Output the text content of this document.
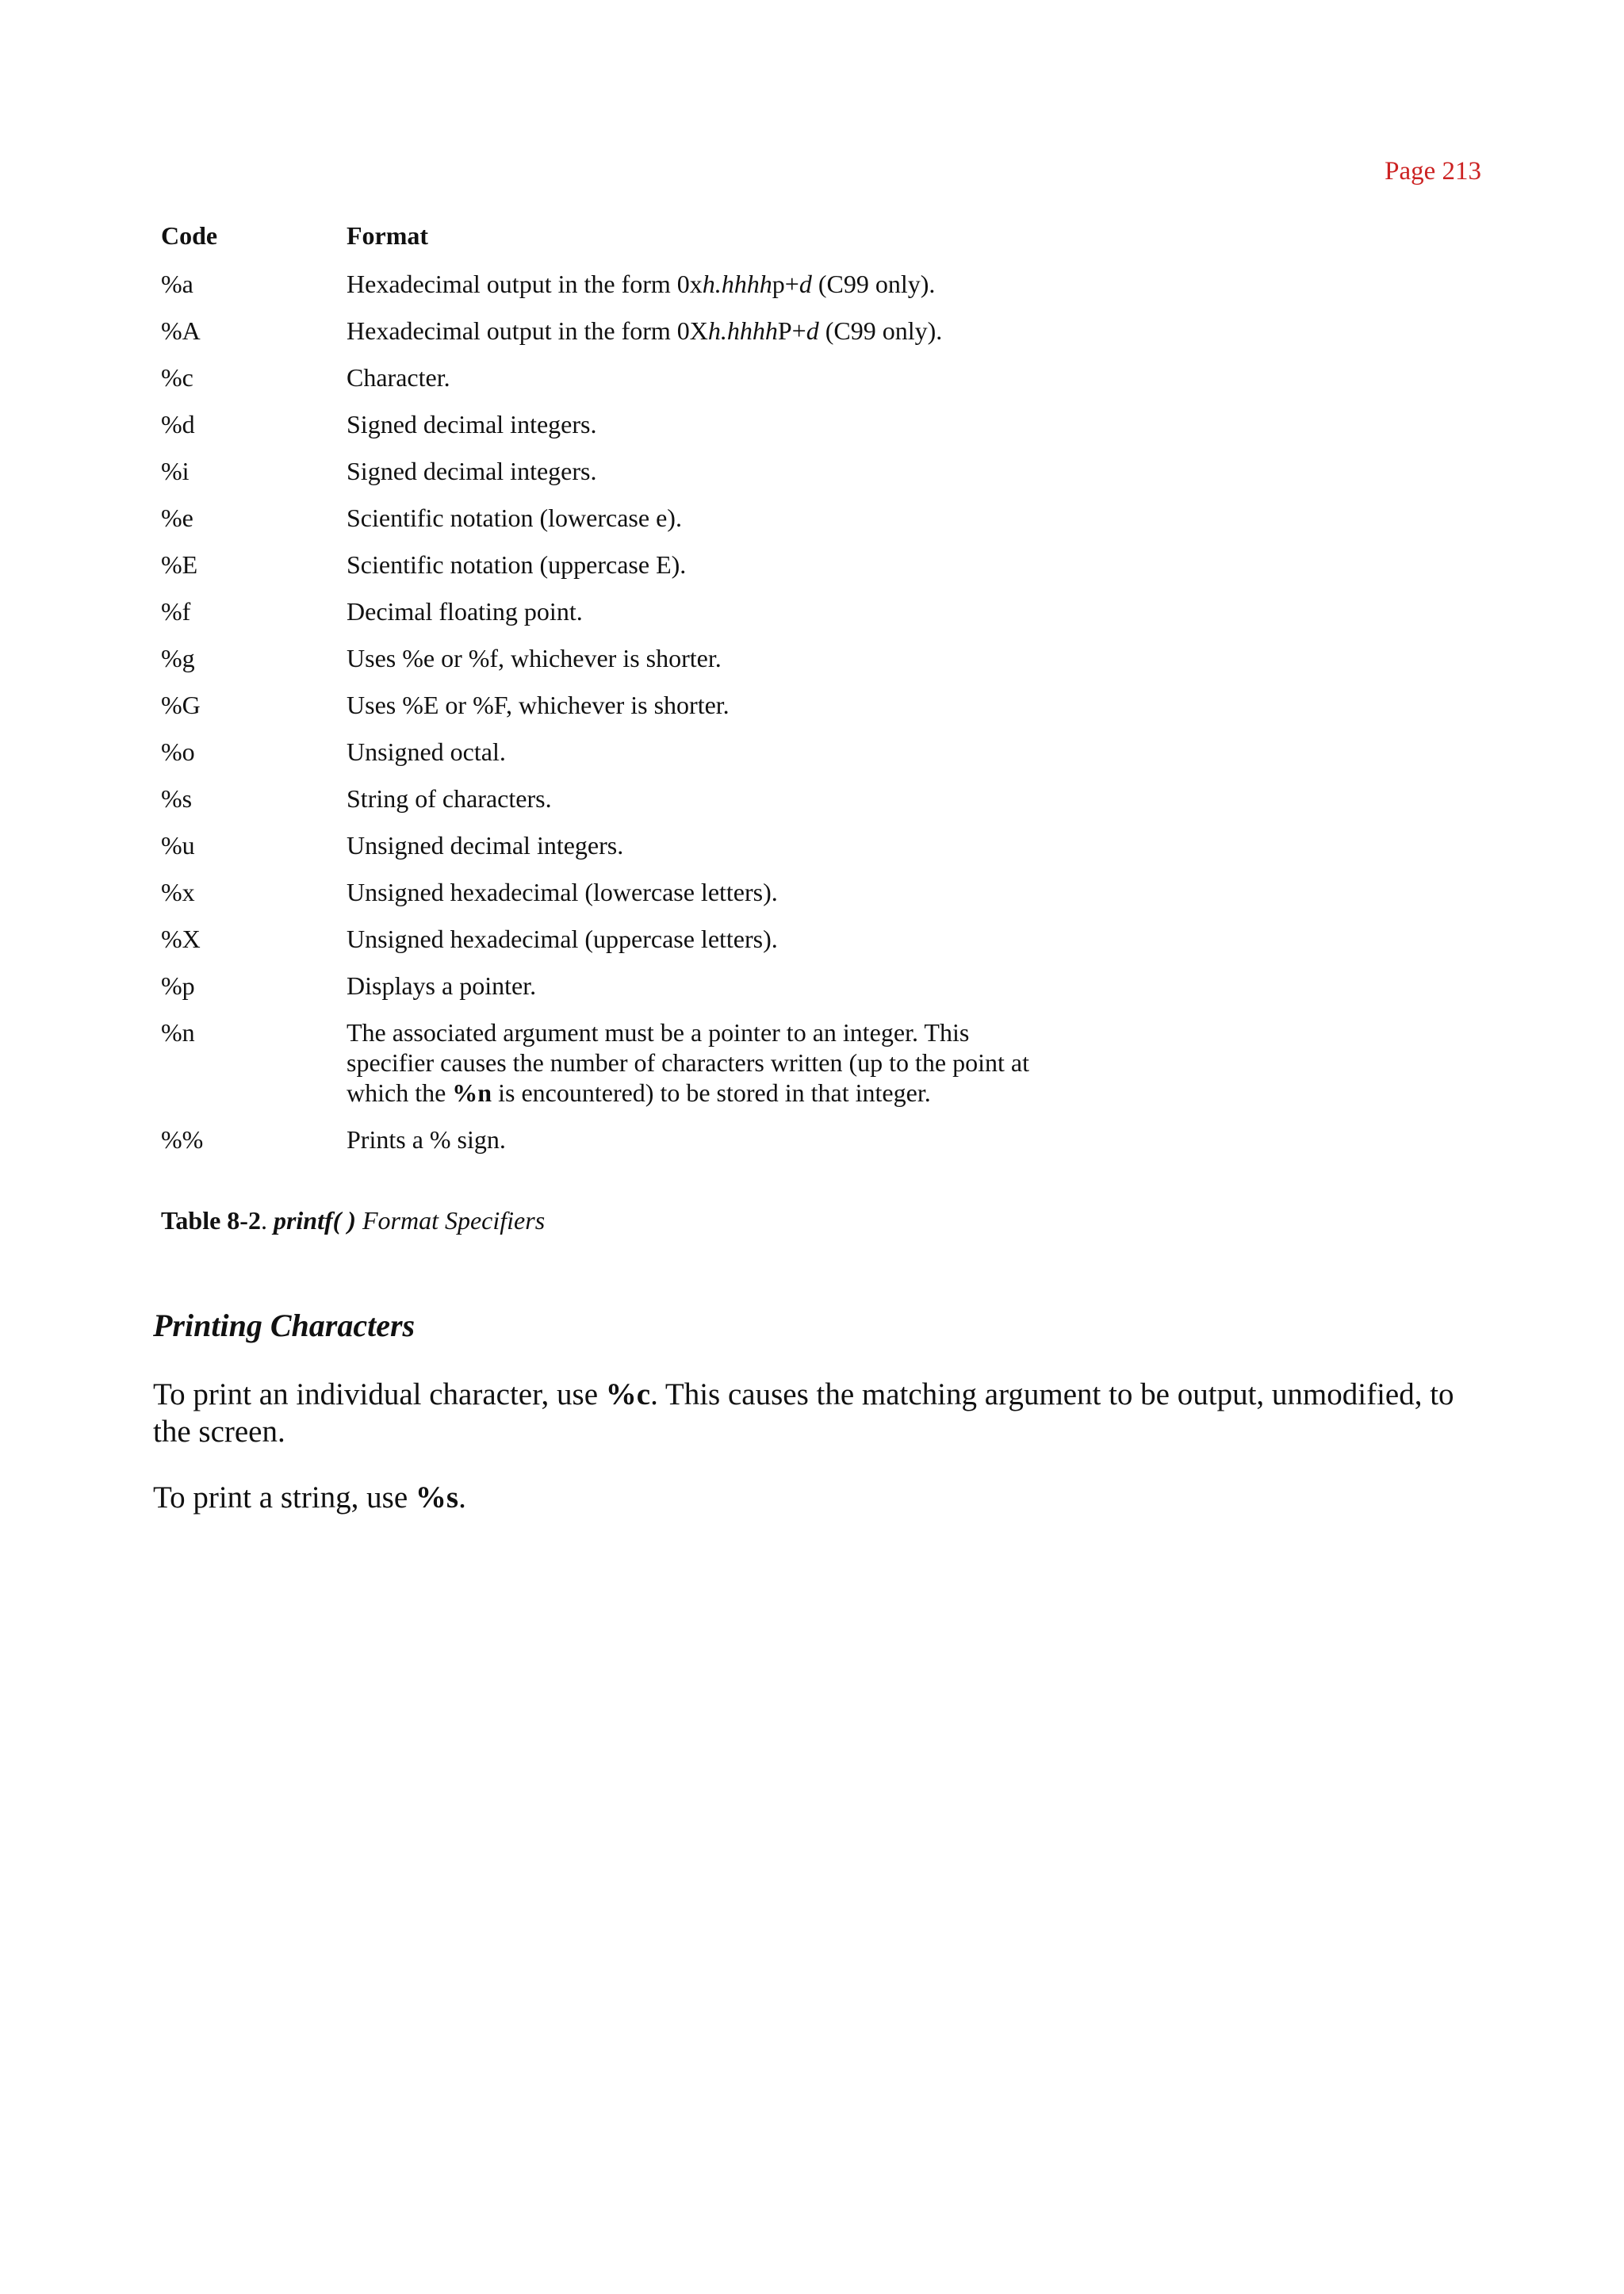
Page 213
Code	Format
%a	Hexadecimal output in the form 0xh.hhhhp+d (C99 only).
%A	Hexadecimal output in the form 0Xh.hhhhP+d (C99 only).
%c	Character.
%d	Signed decimal integers.
%i	Signed decimal integers.
%e	Scientific notation (lowercase e).
%E	Scientific notation (uppercase E).
%f	Decimal floating point.
%g	Uses %e or %f, whichever is shorter.
%G	Uses %E or %F, whichever is shorter.
%o	Unsigned octal.
%s	String of characters.
%u	Unsigned decimal integers.
%x	Unsigned hexadecimal (lowercase letters).
%X	Unsigned hexadecimal (uppercase letters).
%p	Displays a pointer.
%n	The associated argument must be a pointer to an integer. This specifier causes the number of characters written (up to the point at which the %n is encountered) to be stored in that integer.
%%	Prints a % sign.
Table 8-2. printf( ) Format Specifiers
Printing Characters
To print an individual character, use %c. This causes the matching argument to be output, unmodified, to the screen.
To print a string, use %s.
